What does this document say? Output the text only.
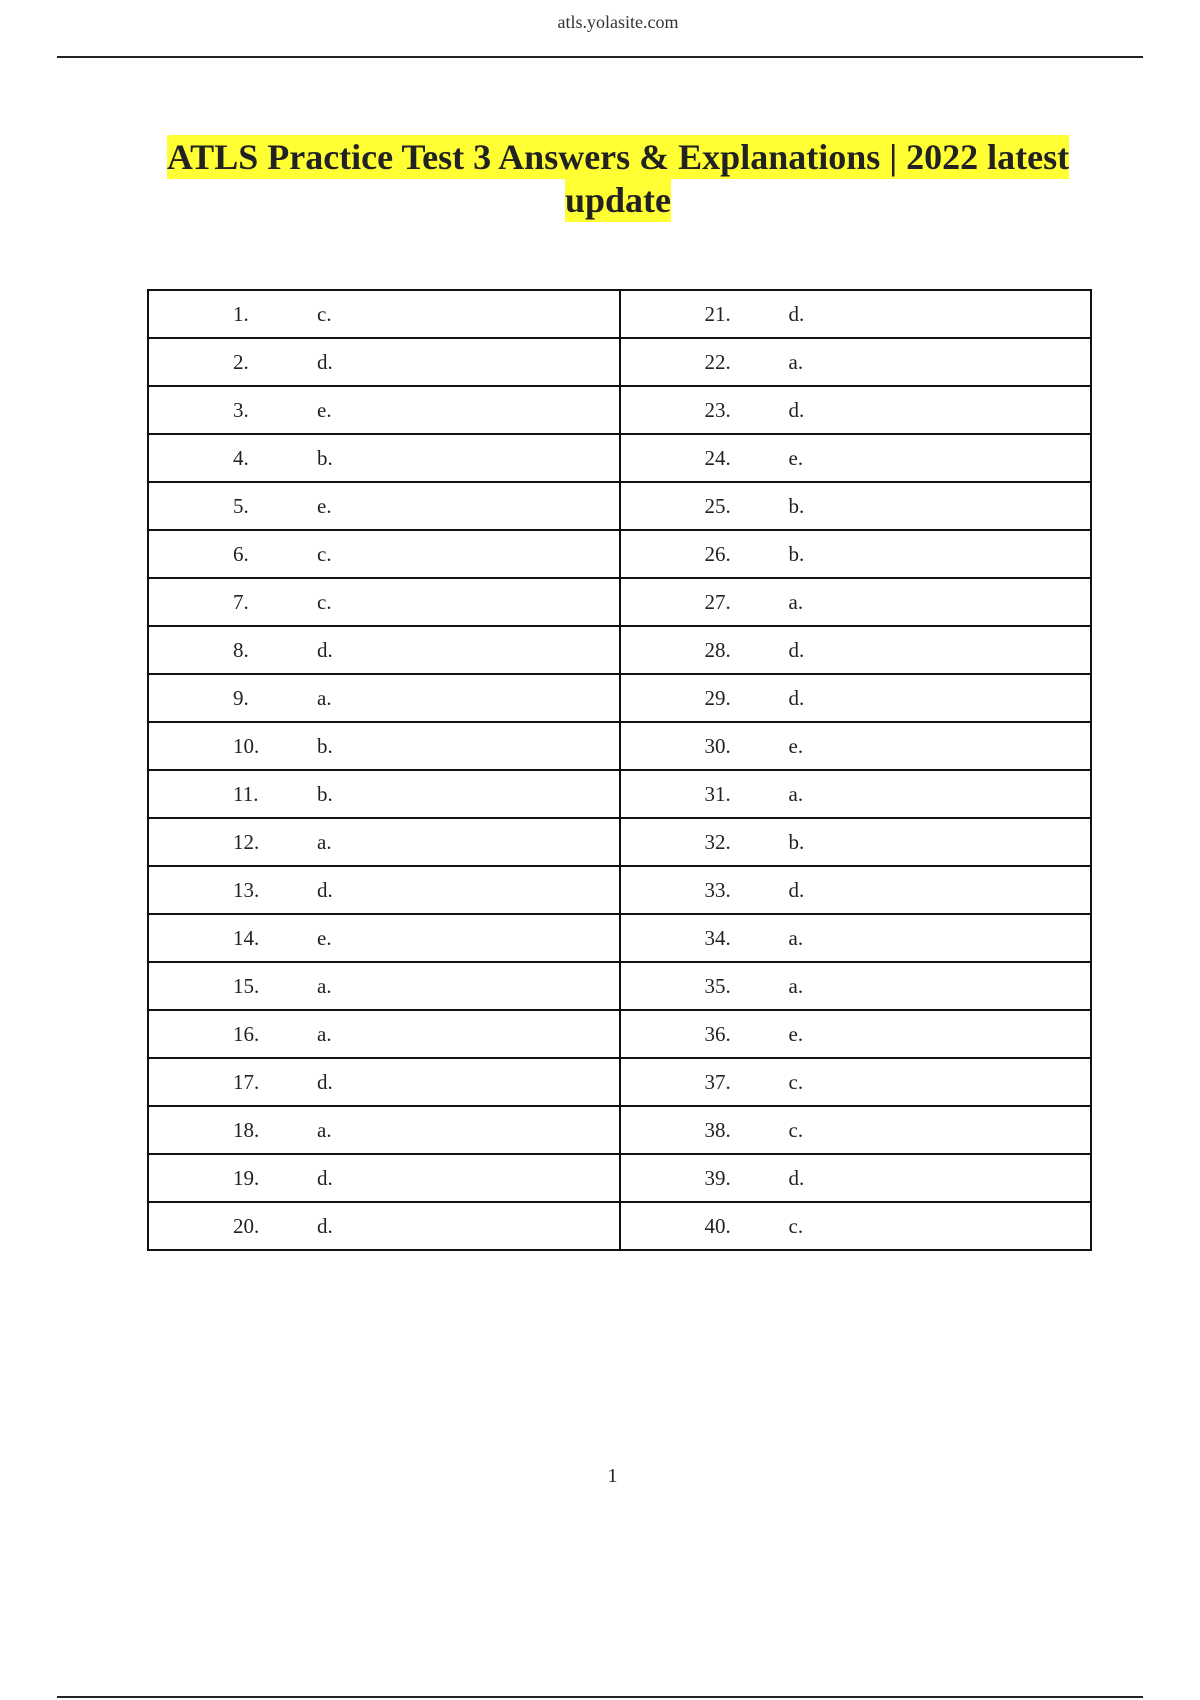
atls.yolasite.com
ATLS Practice Test 3 Answers & Explanations | 2022 latest
update
1. c.	21. d.

2. d.	22. a.

3. e.	23. d.

4. b.	24. e.

5. e.	25. b.

6. c.	26. b.

7. c.	27. a.

8. d.	28. d.

9. a.	29. d.

10. b.	30. e.

11. b.	31. a.

12. a.	32. b.

13. d.	33. d.

14. e.	34. a.

15. a.	35. a.

16. a.	36. e.

17. d.	37. c.

18. a.	38. c.

19. d.	39. d.

20. d.	40. c.
1
